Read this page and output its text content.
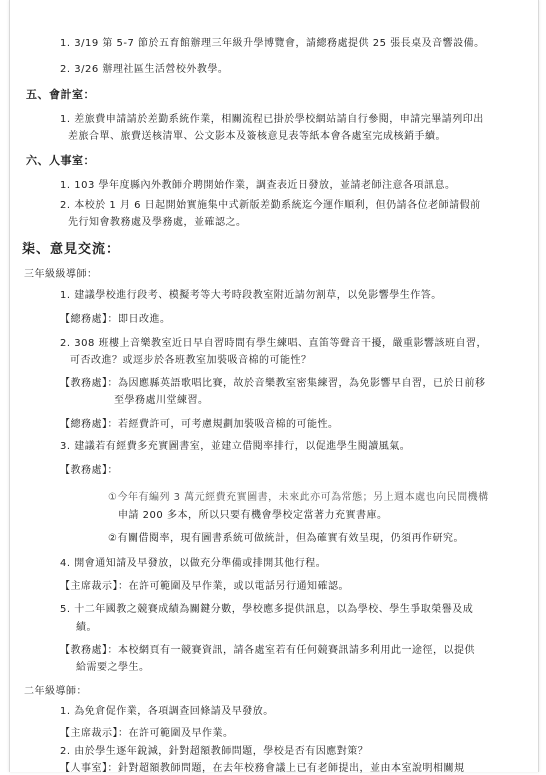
1. 3/19 第 5-7 節於五育館辦理三年級升學博覽會，請總務處提供 25 張長桌及音響設備。
2. 3/26 辦理社區生活營校外教學。
五、會計室：
1. 差旅費申請請於差勤系統作業，相關流程已掛於學校網站請自行參閱，申請完畢請列印出
差旅合單、旅費送核清單、公文影本及簽核意見表等紙本會各處室完成核銷手續。
六、人事室：
1. 103 學年度縣內外教師介聘開始作業，調查表近日發放，並請老師注意各項訊息。
2. 本校於 1 月 6 日起開始實施集中式新版差勤系統迄今運作順利，但仍請各位老師請假前
先行知會教務處及學務處，並確認之。
柒、意見交流：
三年級級導師：
1. 建議學校進行段考、模擬考等大考時段教室附近請勿割草，以免影響學生作答。
【總務處】：即日改進。
2. 308 班樓上音樂教室近日早自習時間有學生練唱、直笛等聲音干擾，嚴重影響該班自習，
可否改進？或逕步於各班教室加裝吸音棉的可能性？
【教務處】：為因應縣英語歌唱比賽，故於音樂教室密集練習，為免影響早自習，已於日前移
至學務處川堂練習。
【總務處】：若經費許可，可考慮規劃加裝吸音棉的可能性。
3. 建議若有經費多充實圖書室，並建立借閱率排行，以促進學生閱讀風氣。
【教務處】：
①今年有編列 3 萬元經費充實圖書，未來此亦可為常態；另上週本處也向民間機構
申請 200 多本，所以只要有機會學校定當著力充實書庫。
②有關借閱率，現有圖書系統可做統計，但為確實有效呈現，仍須再作研究。
4. 開會通知請及早發放，以做充分準備或排開其他行程。
【主席裁示】：在許可範圍及早作業，或以電話另行通知確認。
5. 十二年國教之競賽成績為關鍵分數，學校應多提供訊息，以為學校、學生爭取榮譽及成
績。
【教務處】：本校網頁有一競賽資訊，請各處室若有任何競賽訊請多利用此一途徑，以提供
給需要之學生。
二年級導師：
1. 為免倉促作業，各項調查回條請及早發放。
【主席裁示】：在許可範圍及早作業。
2. 由於學生逐年銳減，針對超額教師問題，學校是否有因應對策？
【人事室】：針對超額教師問題，在去年校務會議上已有老師提出，並由本室說明相關規
